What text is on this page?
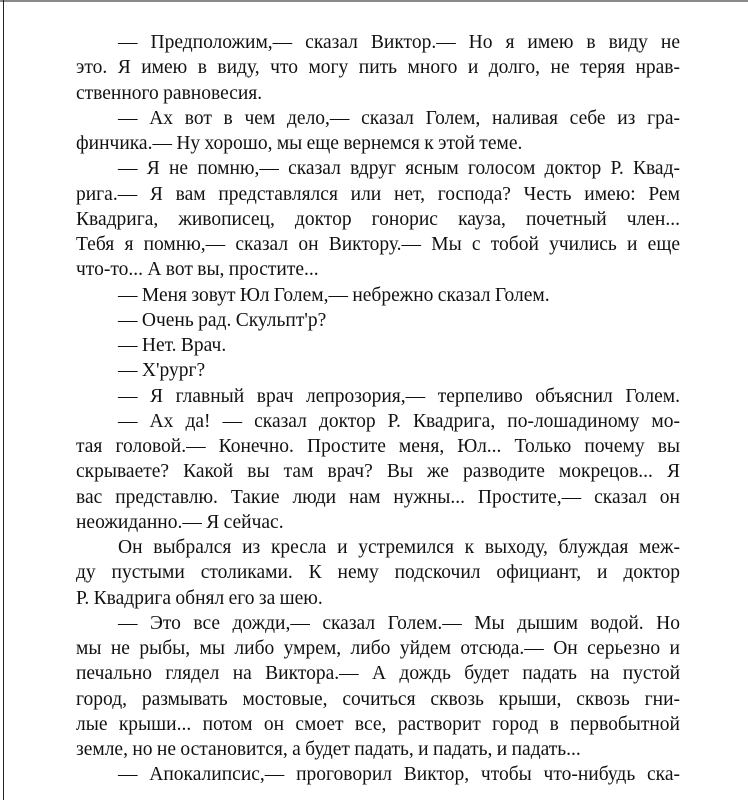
— Предположим,— сказал Виктор.— Но я имею в виду не
это. Я имею в виду, что могу пить много и долго, не теряя нрав-
ственного равновесия.
— Ах вот в чем дело,— сказал Голем, наливая себе из гра-
финчика.— Ну хорошо, мы еще вернемся к этой теме.
— Я не помню,— сказал вдруг ясным голосом доктор Р. Квад-
рига.— Я вам представлялся или нет, господа? Честь имею: Рем
Квадрига, живописец, доктор гонорис кауза, почетный член...
Тебя я помню,— сказал он Виктору.— Мы с тобой учились и еще
что-то... А вот вы, простите...
— Меня зовут Юл Голем,— небрежно сказал Голем.
— Очень рад. Скульпт'р?
— Нет. Врач.
— Х'рург?
— Я главный врач лепрозория,— терпеливо объяснил Голем.
— Ах да! — сказал доктор Р. Квадрига, по-лошадиному мо-
тая головой.— Конечно. Простите меня, Юл... Только почему вы
скрываете? Какой вы там врач? Вы же разводите мокрецов... Я
вас представлю. Такие люди нам нужны... Простите,— сказал он
неожиданно.— Я сейчас.
Он выбрался из кресла и устремился к выходу, блуждая меж-
ду пустыми столиками. К нему подскочил официант, и доктор
Р. Квадрига обнял его за шею.
— Это все дожди,— сказал Голем.— Мы дышим водой. Но
мы не рыбы, мы либо умрем, либо уйдем отсюда.— Он серьезно и
печально глядел на Виктора.— А дождь будет падать на пустой
город, размывать мостовые, сочиться сквозь крыши, сквозь гни-
лые крыши... потом он смоет все, растворит город в первобытной
земле, но не остановится, а будет падать, и падать, и падать...
— Апокалипсис,— проговорил Виктор, чтобы что-нибудь ска-
